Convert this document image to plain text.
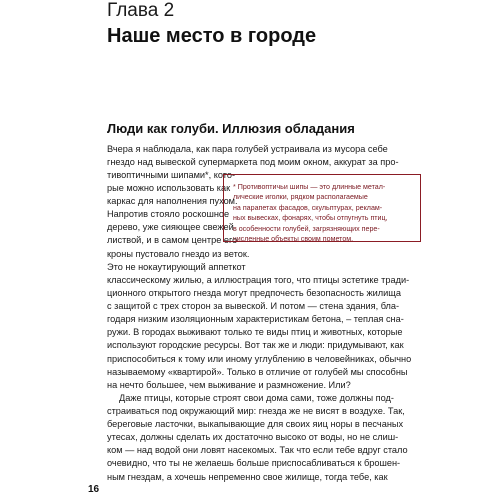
Глава 2
Наше место в городе
Люди как голуби. Иллюзия обладания
Вчера я наблюдала, как пара голубей устраивала из мусора себе
гнездо над вывеской супермаркета под моим окном, аккурат за про-
тивоптичными шипами*, кото-
рые можно использовать как
каркас для наполнения пухом.
Напротив стояло роскошное
дерево, уже сияющее свежей
листвой, и в самом центре его
кроны пустовало гнездо из веток.
Это не нокаутирующий аппеткот
* Противоптичьи шипы — это длинные метал-
лические иголки, рядком располагаемые
на парапетах фасадов, скульптурах, реклам-
ных вывесках, фонарях, чтобы отпугнуть птиц,
в особенности голубей, загрязняющих пере-
численные объекты своим пометом.
классическому жилью, а иллюстрация того, что птицы эстетике тради-
ционного открытого гнезда могут предпочесть безопасность жилища
с защитой с трех сторон за вывеской. И потом — стена здания, бла-
годаря низким изоляционным характеристикам бетона, – теплая сна-
ружи. В городах выживают только те виды птиц и животных, которые
используют городские ресурсы. Вот так же и люди: придумывают, как
приспособиться к тому или иному углублению в человейниках, обычно
называемому «квартирой». Только в отличие от голубей мы способны
на нечто большее, чем выживание и размножение. Или?
Даже птицы, которые строят свои дома сами, тоже должны под-
страиваться под окружающий мир: гнезда же не висят в воздухе. Так,
береговые ласточки, выкапывающие для своих яиц норы в песчаных
утесах, должны сделать их достаточно высоко от воды, но не слиш-
ком — над водой они ловят насекомых. Так что если тебе вдруг стало
очевидно, что ты не желаешь больше приспосабливаться к брошен-
ным гнездам, а хочешь непременно свое жилище, тогда тебе, как
16
